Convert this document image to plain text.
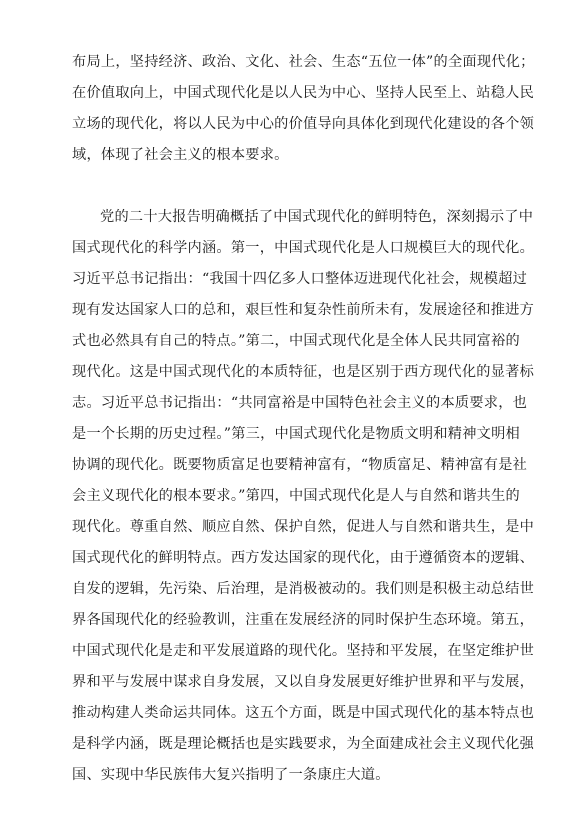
布局上，坚持经济、政治、文化、社会、生态“五位一体”的全面现代化；
在价值取向上，中国式现代化是以人民为中心、坚持人民至上、站稳人民
立场的现代化，将以人民为中心的价值导向具体化到现代化建设的各个领
域，体现了社会主义的根本要求。
党的二十大报告明确概括了中国式现代化的鲜明特色，深刻揭示了中
国式现代化的科学内涵。第一，中国式现代化是人口规模巨大的现代化。
习近平总书记指出：“我国十四亿多人口整体迈进现代化社会，规模超过
现有发达国家人口的总和，艰巨性和复杂性前所未有，发展途径和推进方
式也必然具有自己的特点。”第二，中国式现代化是全体人民共同富裕的
现代化。这是中国式现代化的本质特征，也是区别于西方现代化的显著标
志。习近平总书记指出：“共同富裕是中国特色社会主义的本质要求，也
是一个长期的历史过程。”第三，中国式现代化是物质文明和精神文明相
协调的现代化。既要物质富足也要精神富有，“物质富足、精神富有是社
会主义现代化的根本要求。”第四，中国式现代化是人与自然和谐共生的
现代化。尊重自然、顺应自然、保护自然，促进人与自然和谐共生，是中
国式现代化的鲜明特点。西方发达国家的现代化，由于遵循资本的逻辑、
自发的逻辑，先污染、后治理，是消极被动的。我们则是积极主动总结世
界各国现代化的经验教训，注重在发展经济的同时保护生态环境。第五，
中国式现代化是走和平发展道路的现代化。坚持和平发展，在坚定维护世
界和平与发展中谋求自身发展，又以自身发展更好维护世界和平与发展，
推动构建人类命运共同体。这五个方面，既是中国式现代化的基本特点也
是科学内涵，既是理论概括也是实践要求，为全面建成社会主义现代化强
国、实现中华民族伟大复兴指明了一条康庄大道。
